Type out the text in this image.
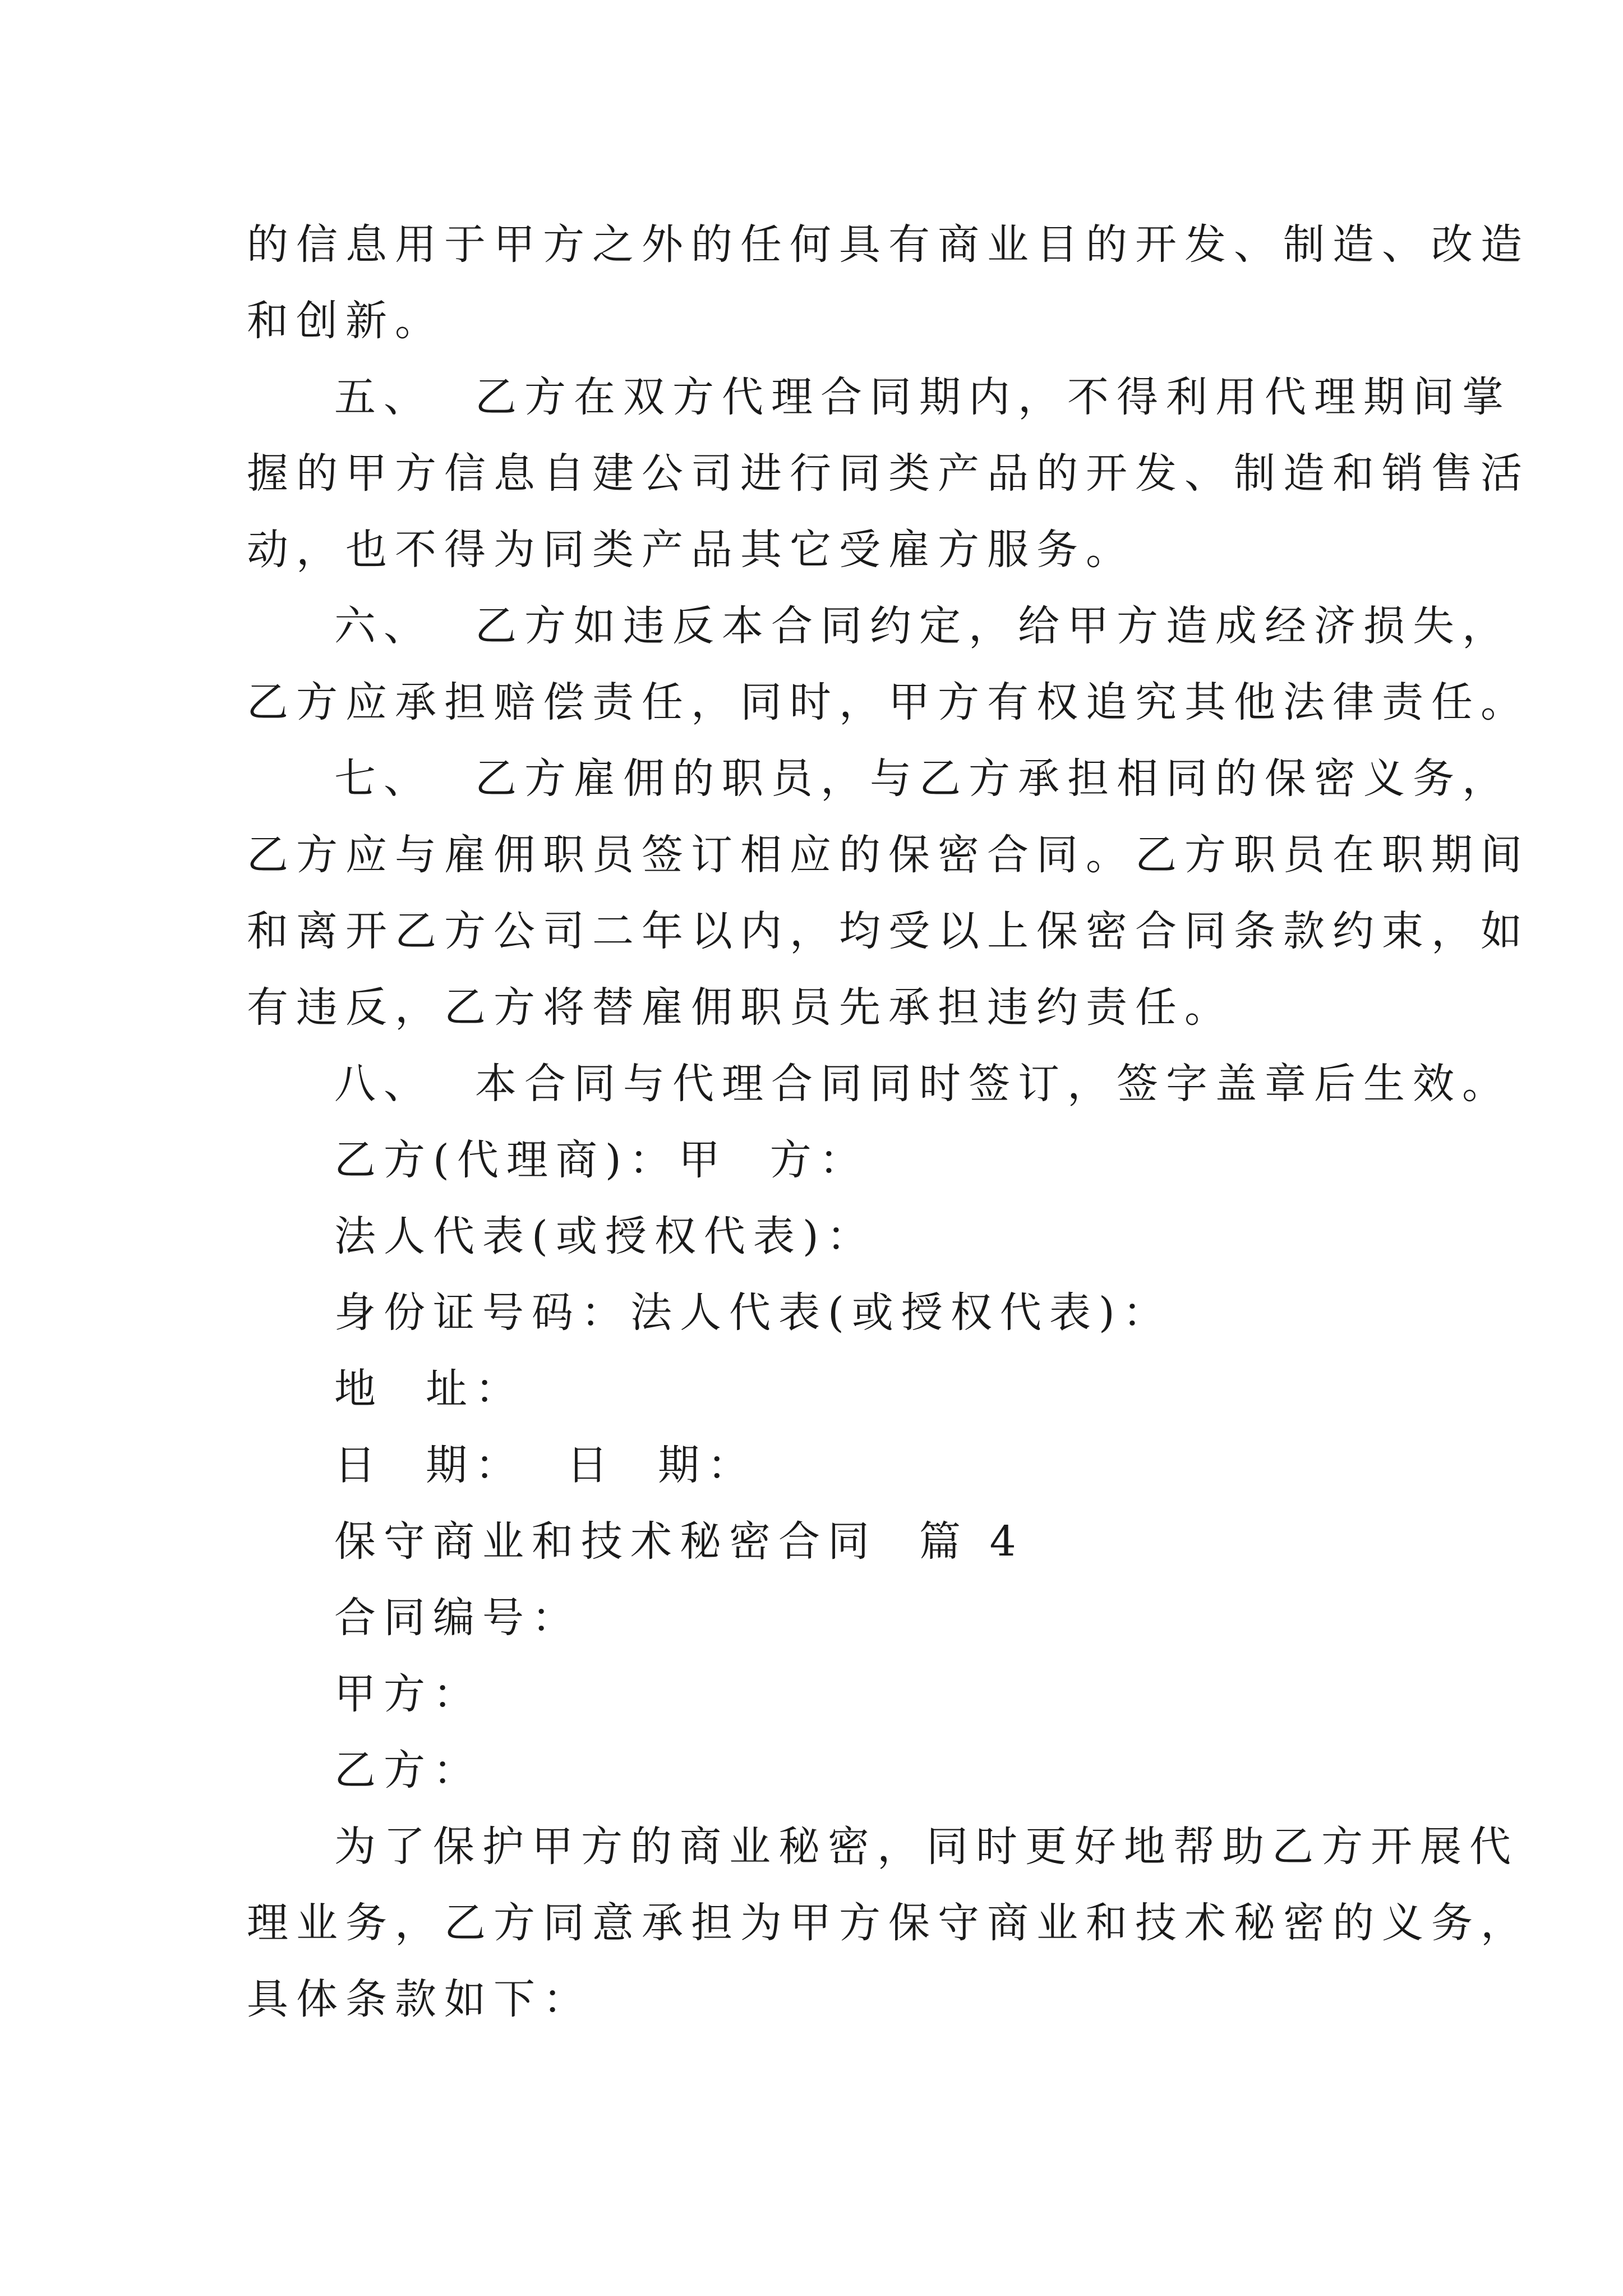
的信息用于甲方之外的任何具有商业目的开发、制造、改造
和创新。
五、  乙方在双方代理合同期内，不得利用代理期间掌
握的甲方信息自建公司进行同类产品的开发、制造和销售活
动，也不得为同类产品其它受雇方服务。
六、  乙方如违反本合同约定，给甲方造成经济损失，
乙方应承担赔偿责任，同时，甲方有权追究其他法律责任。
七、  乙方雇佣的职员，与乙方承担相同的保密义务，
乙方应与雇佣职员签订相应的保密合同。乙方职员在职期间
和离开乙方公司二年以内，均受以上保密合同条款约束，如
有违反，乙方将替雇佣职员先承担违约责任。
八、  本合同与代理合同同时签订，签字盖章后生效。
乙方(代理商)：甲  方：
法人代表(或授权代表)：
身份证号码：法人代表(或授权代表)：
地  址：
日  期：  日  期：
保守商业和技术秘密合同  篇 4
合同编号：
甲方：
乙方：
为了保护甲方的商业秘密，同时更好地帮助乙方开展代
理业务，乙方同意承担为甲方保守商业和技术秘密的义务，
具体条款如下：
